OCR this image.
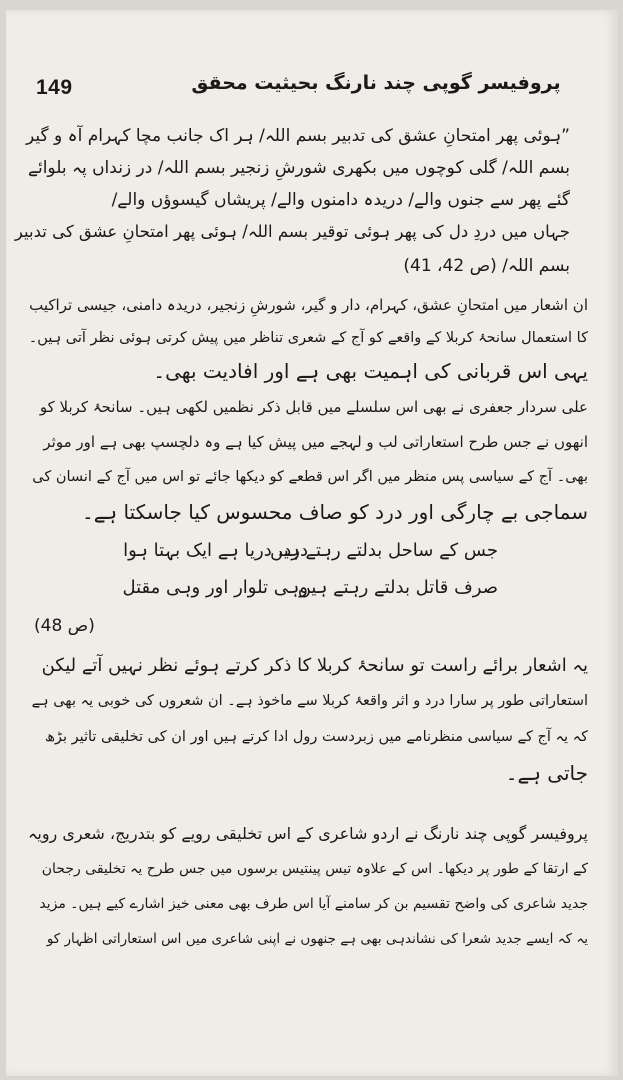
149	پروفیسر گوپی چند نارنگ بحیثیت محقق
”ہوئی پھر امتحانِ عشق کی تدبیر بسم اللہ/ ہر اک جانب مچا کہرام آہ و گیر
بسم اللہ/ گلی کوچوں میں بکھری شورشِ زنجیر بسم اللہ/ در زنداں پہ بلوائے
گئے پھر سے جنوں والے/ دریدہ دامنوں والے/ پریشاں گیسوؤں والے/
جہاں میں دردِ دل کی پھر ہوئی توقیر بسم اللہ/ ہوئی پھر امتحانِ عشق کی تدبیر
بسم اللہ/ (ص 42، 41)
ان اشعار میں امتحانِ عشق، کہرام، دار و گیر، شورشِ زنجیر، دریدہ دامنی، جیسی تراکیب
کا استعمال سانحۂ کربلا کے واقعے کو آج کے شعری تناظر میں پیش کرتی ہوئی نظر آتی ہیں۔
یہی اس قربانی کی اہمیت بھی ہے اور افادیت بھی۔
علی سردار جعفری نے بھی اس سلسلے میں قابل ذکر نظمیں لکھی ہیں۔ سانحۂ کربلا کو
انھوں نے جس طرح استعاراتی لب و لہجے میں پیش کیا ہے وہ دلچسپ بھی ہے اور موثر
بھی۔ آج کے سیاسی پس منظر میں اگر اس قطعے کو دیکھا جائے تو اس میں آج کے انسان کی
سماجی بے چارگی اور درد کو صاف محسوس کیا جاسکتا ہے۔
درد، دریا ہے ایک بہتا ہوا
جس کے ساحل بدلتے رہتے ہیں
وہی تلوار اور وہی مقتل
صرف قاتل بدلتے رہتے ہیں
(ص 48)
یہ اشعار برائے راست تو سانحۂ کربلا کا ذکر کرتے ہوئے نظر نہیں آتے لیکن
استعاراتی طور پر سارا درد و اثر واقعۂ کربلا سے ماخوذ ہے۔ ان شعروں کی خوبی یہ بھی ہے
کہ یہ آج کے سیاسی منظرنامے میں زبردست رول ادا کرتے ہیں اور ان کی تخلیقی تاثیر بڑھ
جاتی ہے۔
پروفیسر گوپی چند نارنگ نے اردو شاعری کے اس تخلیقی رویے کو بتدریج، شعری رویہ
کے ارتقا کے طور پر دیکھا۔ اس کے علاوہ تیس پینتیس برسوں میں جس طرح یہ تخلیقی رجحان
جدید شاعری کی واضح تقسیم بن کر سامنے آیا اس طرف بھی معنی خیز اشارے کیے ہیں۔ مزید
یہ کہ ایسے جدید شعرا کی نشاندہی بھی ہے جنھوں نے اپنی شاعری میں اس استعاراتی اظہار کو
